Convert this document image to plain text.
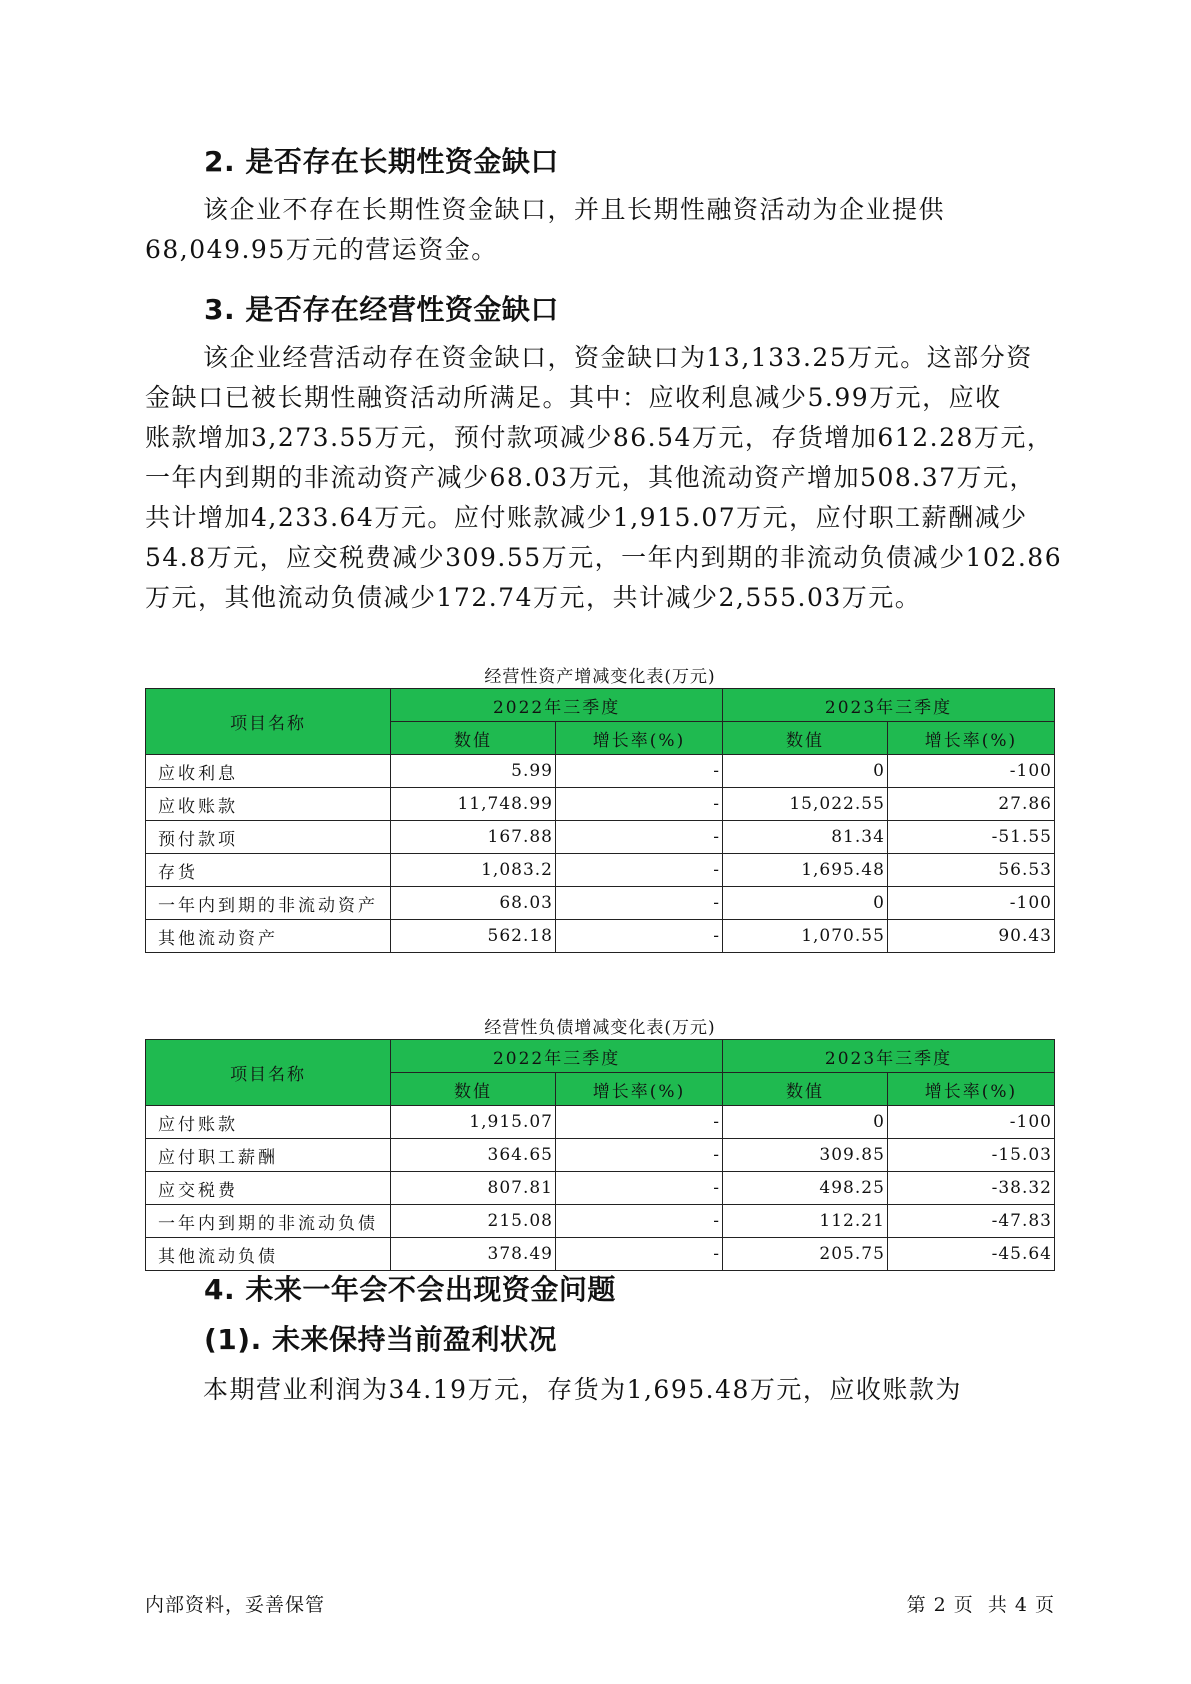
2. 是否存在长期性资金缺口
该企业不存在长期性资金缺口，并且长期性融资活动为企业提供
68,049.95万元的营运资金。
3. 是否存在经营性资金缺口
该企业经营活动存在资金缺口，资金缺口为13,133.25万元。这部分资
金缺口已被长期性融资活动所满足。其中：应收利息减少5.99万元，应收
账款增加3,273.55万元，预付款项减少86.54万元，存货增加612.28万元，
一年内到期的非流动资产减少68.03万元，其他流动资产增加508.37万元，
共计增加4,233.64万元。应付账款减少1,915.07万元，应付职工薪酬减少
54.8万元，应交税费减少309.55万元，一年内到期的非流动负债减少102.86
万元，其他流动负债减少172.74万元，共计减少2,555.03万元。
经营性资产增减变化表(万元)
项目名称	2022年三季度		2023年三季度	
	数值	增长率(%)	数值	增长率(%)
应收利息	5.99	-	0	-100
应收账款	11,748.99	-	15,022.55	27.86
预付款项	167.88	-	81.34	-51.55
存货	1,083.2	-	1,695.48	56.53
一年内到期的非流动资产	68.03	-	0	-100
其他流动资产	562.18	-	1,070.55	90.43
经营性负债增减变化表(万元)
项目名称	2022年三季度		2023年三季度	
	数值	增长率(%)	数值	增长率(%)
应付账款	1,915.07	-	0	-100
应付职工薪酬	364.65	-	309.85	-15.03
应交税费	807.81	-	498.25	-38.32
一年内到期的非流动负债	215.08	-	112.21	-47.83
其他流动负债	378.49	-	205.75	-45.64
4. 未来一年会不会出现资金问题
(1). 未来保持当前盈利状况
本期营业利润为34.19万元，存货为1,695.48万元，应收账款为
内部资料，妥善保管	第 2 页  共 4 页
